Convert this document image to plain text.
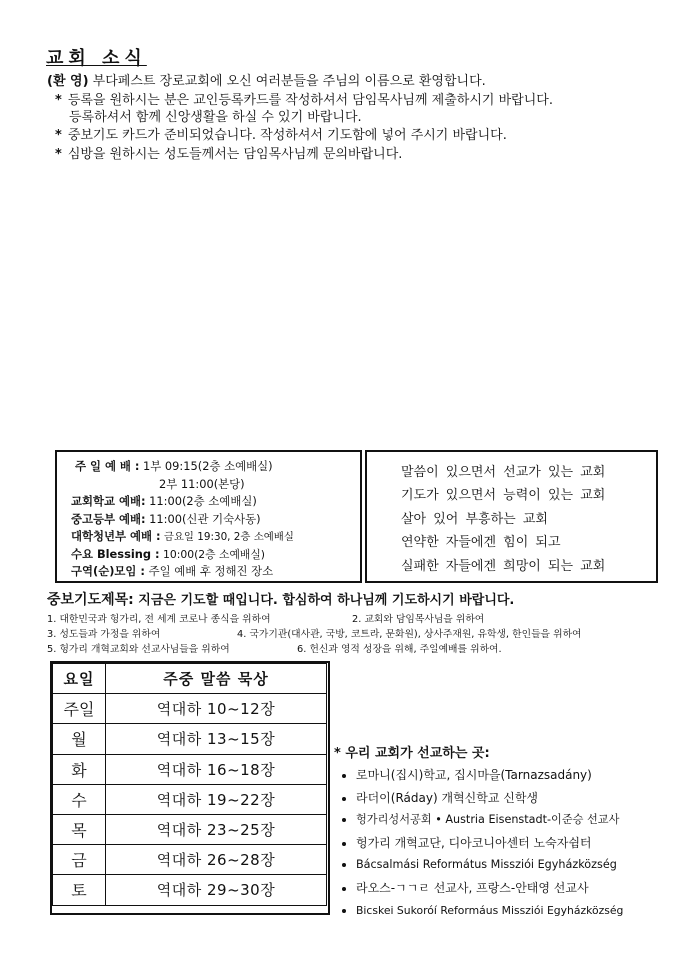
교회 소식
(환 영) 부다페스트 장로교회에 오신 여러분들을 주님의 이름으로 환영합니다.
* 등록을 원하시는 분은 교인등록카드를 작성하셔서 담임목사님께 제출하시기 바랍니다.
등록하셔서 함께 신앙생활을 하실 수 있기 바랍니다.
* 중보기도 카드가 준비되었습니다. 작성하셔서 기도함에 넣어 주시기 바랍니다.
* 심방을 원하시는 성도들께서는 담임목사님께 문의바랍니다.
주 일 예 배 : 1부 09:15(2층 소예배실)
2부 11:00(본당)
교회학교 예배: 11:00(2층 소예배실)
중고등부 예배: 11:00(신관 기숙사동)
대학청년부 예배 : 금요일 19:30, 2층 소예배실
수요 Blessing : 10:00(2층 소예배실)
구역(순)모임 : 주일 예배 후 정해진 장소
말씀이 있으면서 선교가 있는 교회
기도가 있으면서 능력이 있는 교회
살아 있어 부흥하는 교회
연약한 자들에겐 힘이 되고
실패한 자들에겐 희망이 되는 교회
중보기도제목: 지금은 기도할 때입니다. 합심하여 하나님께 기도하시기 바랍니다.
1. 대한민국과 헝가리, 전 세계 코로나 종식을 위하여	2. 교회와 담임목사님을 위하여
3. 성도들과 가정을 위하여	4. 국가기관(대사관, 국방, 코트라, 문화원), 상사주재원, 유학생, 한인들을 위하여
5. 헝가리 개혁교회와 선교사님들을 위하여	6. 헌신과 영적 성장을 위해, 주일예배를 위하여.
요일	주중 말씀 묵상
주일	역대하 10~12장
월	역대하 13~15장
화	역대하 16~18장
수	역대하 19~22장
목	역대하 23~25장
금	역대하 26~28장
토	역대하 29~30장
* 우리 교회가 선교하는 곳:
로마니(집시)학교, 집시마을(Tarnazsadány)
라더이(Ráday) 개혁신학교 신학생
헝가리성서공회 • Austria Eisenstadt-이준승 선교사
헝가리 개혁교단, 디아코니아센터 노숙자쉼터
Bácsalmási Református Missziói Egyházközség
라오스-ㄱㄱㄹ 선교사, 프랑스-안태영 선교사
Bicskei Sukoróí Reformáus Missziói Egyházközség
